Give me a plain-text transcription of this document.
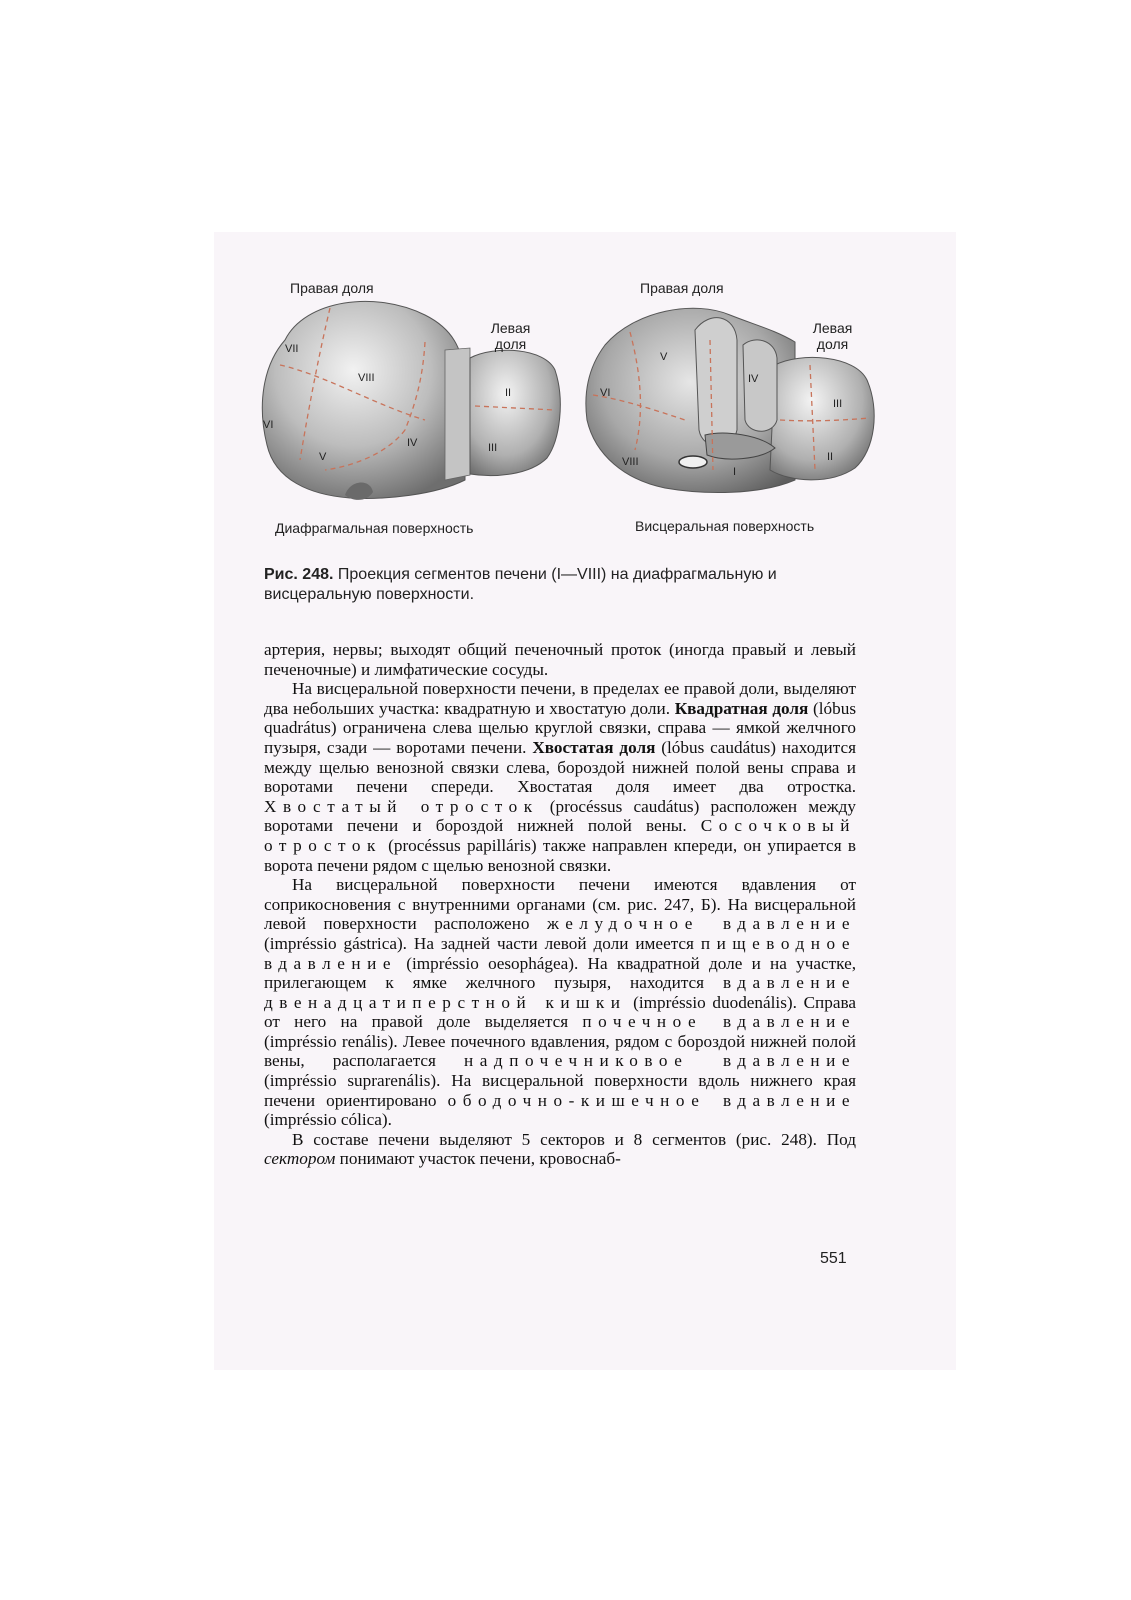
VII
VIII
VI
V
IV
II
III
V
VI
IV
III
II
VIII
I
Правая доля
Левая доля
Диафрагмальная поверхность
Правая доля
Левая доля
Висцеральная поверхность
Рис. 248. Проекция сегментов печени (I—VIII) на диафрагмальную и висцеральную поверхности.

артерия, нервы; выходят общий печеночный проток (иногда правый и левый печеночные) и лимфатические сосуды.

На висцеральной поверхности печени, в пределах ее правой доли, выделяют два небольших участка: квадратную и хвостатую доли. Квадратная доля (lóbus quadrátus) ограничена слева щелью круглой связки, справа — ямкой желчного пузыря, сзади — воротами печени. Хвостатая доля (lóbus caudátus) находится между щелью венозной связки слева, бороздой нижней полой вены справа и воротами печени спереди. Хвостатая доля имеет два отростка. Хвостатый отросток (procéssus caudátus) расположен между воротами печени и бороздой нижней полой вены. Сосочковый отросток (procéssus papilláris) также направлен кпереди, он упирается в ворота печени рядом с щелью венозной связки.

На висцеральной поверхности печени имеются вдавления от соприкосновения с внутренними органами (см. рис. 247, Б). На висцеральной левой поверхности расположено желудочное вдавление (impréssio gástrica). На задней части левой доли имеется пищеводное вдавление (impréssio oesophágea). На квадратной доле и на участке, прилегающем к ямке желчного пузыря, находится вдавление двенадцатиперстной кишки (impréssio duodenális). Справа от него на правой доле выделяется почечное вдавление (impréssio renális). Левее почечного вдавления, рядом с бороздой нижней полой вены, располагается надпочечниковое вдавление (impréssio suprarenális). На висцеральной поверхности вдоль нижнего края печени ориентировано ободочно-кишечное вдавление (impréssio cólica).

В составе печени выделяют 5 секторов и 8 сегментов (рис. 248). Под сектором понимают участок печени, кровоснаб-

551
